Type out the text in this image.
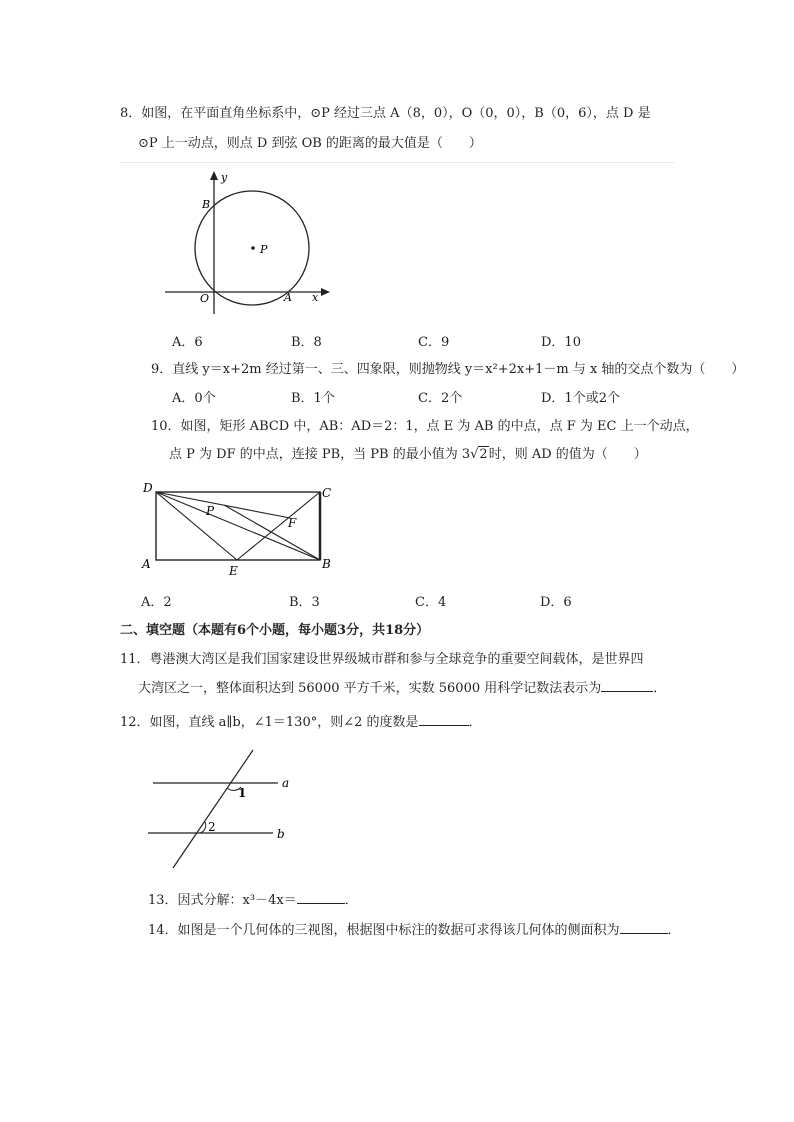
8．如图，在平面直角坐标系中，⊙P 经过三点 A（8，0），O（0，0），B（0，6），点 D 是
⊙P 上一动点，则点 D 到弦 OB 的距离的最大值是（　　）
y
x
B
P
O	A
A．6	B．8	C．9	D．10
9．直线 y＝x+2m 经过第一、三、四象限，则抛物线 y＝x²+2x+1－m 与 x 轴的交点个数为（　　）
A．0个	B．1个	C．2个	D．1个或2个
10．如图，矩形 ABCD 中，AB：AD＝2：1，点 E 为 AB 的中点，点 F 为 EC 上一个动点，
点 P 为 DF 的中点，连接 PB，当 PB 的最小值为 3√2时，则 AD 的值为（　　）
D	C
P
F
A	E	B
A．2	B．3	C．4	D．6
二、填空题（本题有6个小题，每小题3分，共18分）
11．粤港澳大湾区是我们国家建设世界级城市群和参与全球竞争的重要空间载体，是世界四
大湾区之一，整体面积达到 56000 平方千米，实数 56000 用科学记数法表示为	．
12．如图，直线 a∥b，∠1＝130°，则∠2 的度数是	．
a
b
1
2
13．因式分解：x³－4x＝	．
14．如图是一个几何体的三视图，根据图中标注的数据可求得该几何体的侧面积为	．
